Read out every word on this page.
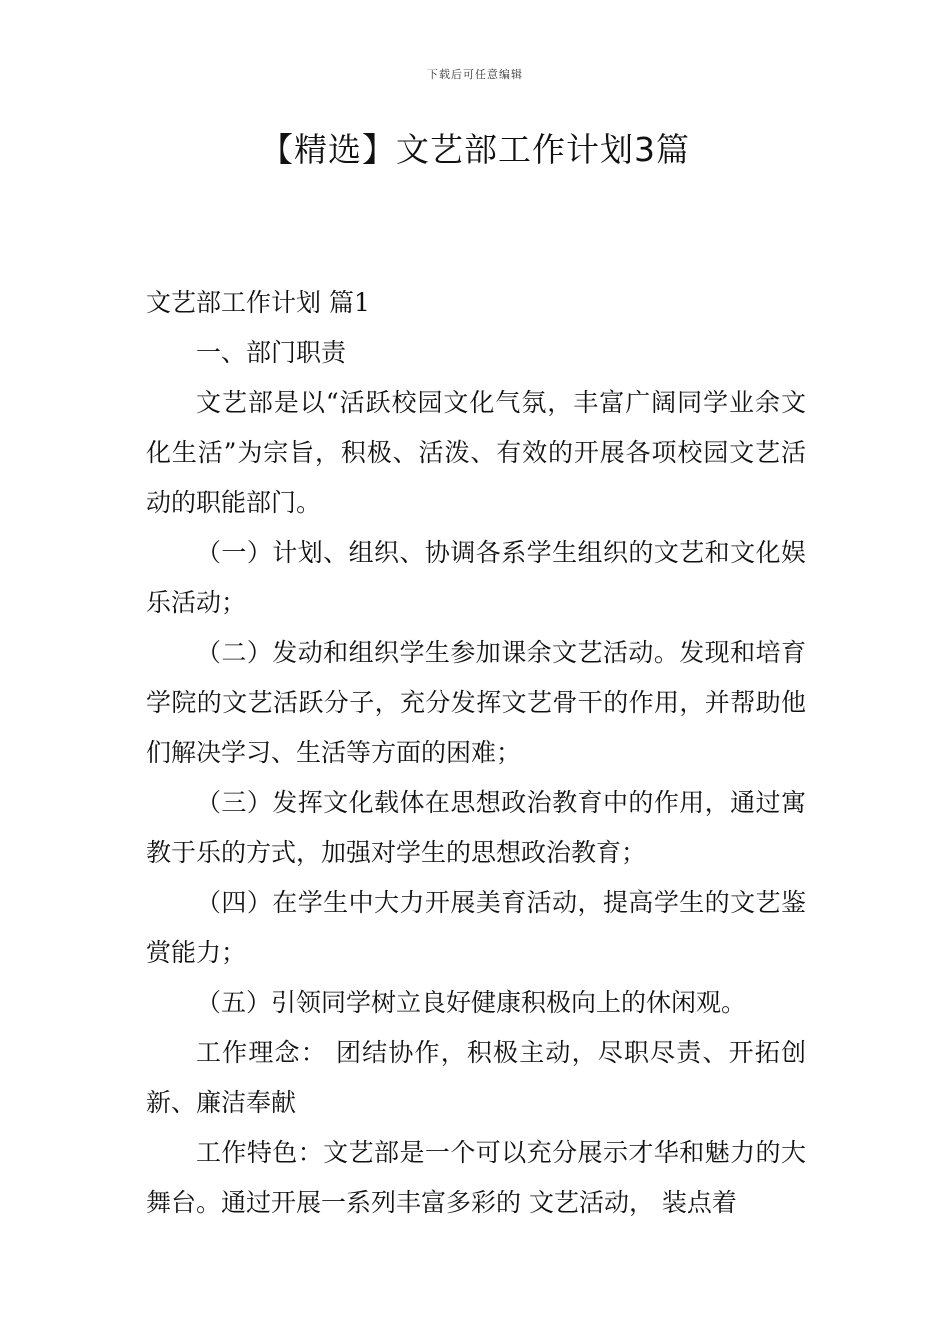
下载后可任意编辑
【精选】文艺部工作计划3篇

文艺部工作计划 篇1

一、部门职责

文艺部是以“活跃校园文化气氛，丰富广阔同学业余文化生活”为宗旨，积极、活泼、有效的开展各项校园文艺活动的职能部门。

（一）计划、组织、协调各系学生组织的文艺和文化娱乐活动；

（二）发动和组织学生参加课余文艺活动。发现和培育学院的文艺活跃分子，充分发挥文艺骨干的作用，并帮助他们解决学习、生活等方面的困难；

（三）发挥文化载体在思想政治教育中的作用，通过寓教于乐的方式，加强对学生的思想政治教育；

（四）在学生中大力开展美育活动，提高学生的文艺鉴赏能力；

（五）引领同学树立良好健康积极向上的休闲观。

工作理念： 团结协作，积极主动，尽职尽责、开拓创新、廉洁奉献

工作特色：文艺部是一个可以充分展示才华和魅力的大舞台。通过开展一系列丰富多彩的 文艺活动， 装点着
